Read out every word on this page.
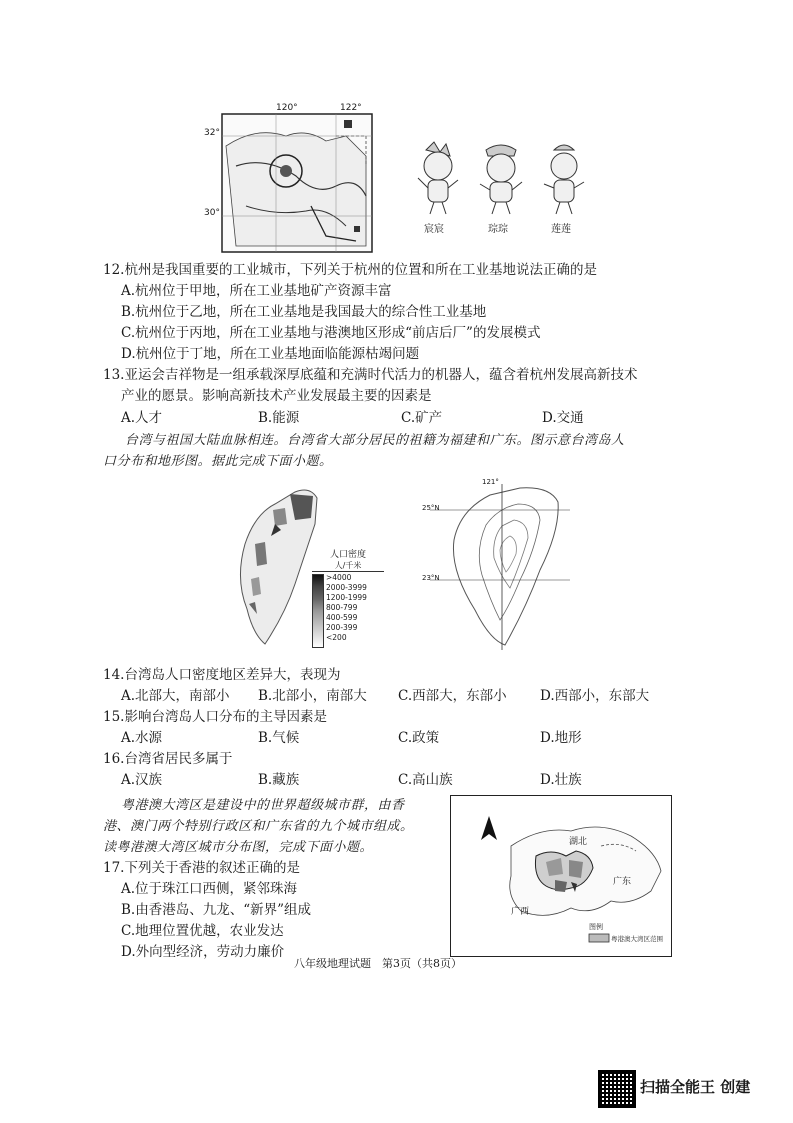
120°	122°
32°
30°
宸宸	琮琮	莲莲
12.杭州是我国重要的工业城市，下列关于杭州的位置和所在工业基地说法正确的是
A.杭州位于甲地，所在工业基地矿产资源丰富
B.杭州位于乙地，所在工业基地是我国最大的综合性工业基地
C.杭州位于丙地，所在工业基地与港澳地区形成“前店后厂”的发展模式
D.杭州位于丁地，所在工业基地面临能源枯竭问题
13.亚运会吉祥物是一组承载深厚底蕴和充满时代活力的机器人，蕴含着杭州发展高新技术
产业的愿景。影响高新技术产业发展最主要的因素是
A.人才	B.能源	C.矿产	D.交通
台湾与祖国大陆血脉相连。台湾省大部分居民的祖籍为福建和广东。图示意台湾岛人
口分布和地形图。据此完成下面小题。
人口密度
人/千米
>4000
2000-3999
1200-1999
800-799
400-599
200-399
<200
121°
25°N
23°N
14.台湾岛人口密度地区差异大，表现为
A.北部大，南部小 B.北部小，南部大 C.西部大，东部小 D.西部小，东部大
15.影响台湾岛人口分布的主导因素是
A.水源	B.气候	C.政策	D.地形
16.台湾省居民多属于
A.汉族	B.藏族	C.高山族	D.壮族
粤港澳大湾区是建设中的世界超级城市群，由香
港、澳门两个特别行政区和广东省的九个城市组成。
读粤港澳大湾区城市分布图，完成下面小题。
17.下列关于香港的叙述正确的是
A.位于珠江口西侧，紧邻珠海
B.由香港岛、九龙、“新界”组成
C.地理位置优越，农业发达
D.外向型经济，劳动力廉价
湖北
广西
广东
图例
粤港澳大湾区范围
八年级地理试题　第3页（共8页）
扫描全能王 创建
